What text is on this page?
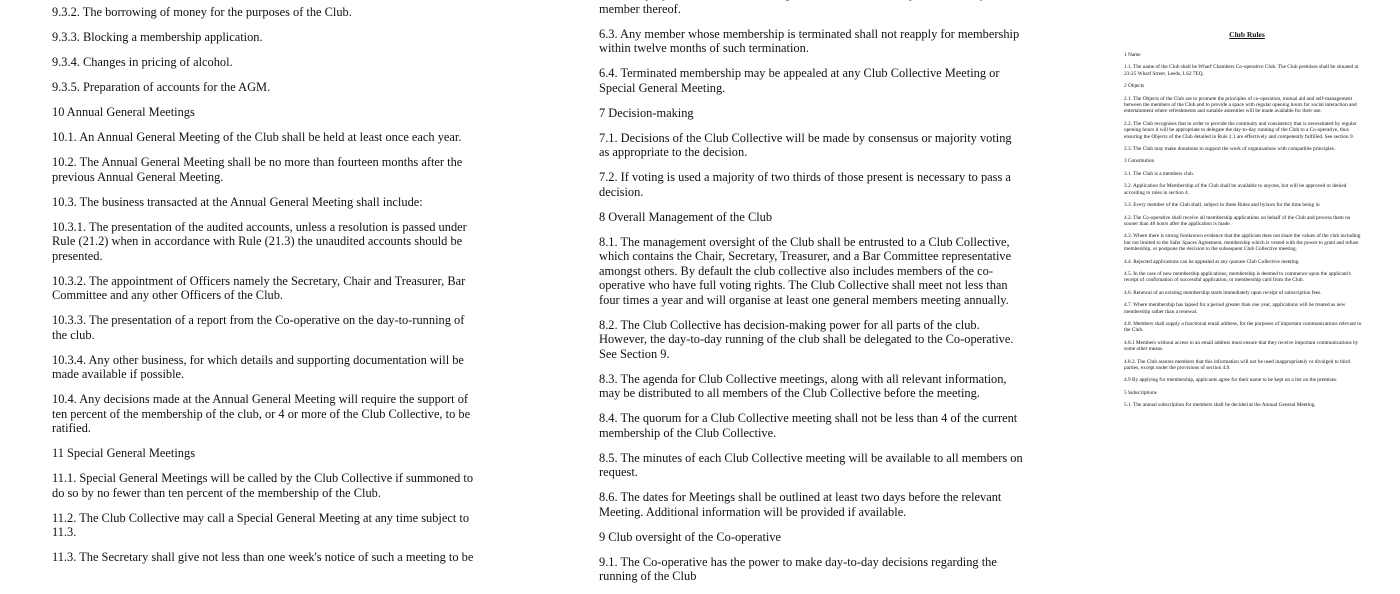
9.3.2. The borrowing of money for the purposes of the Club.

9.3.3. Blocking a membership application.

9.3.4. Changes in pricing of alcohol.

9.3.5. Preparation of accounts for the AGM.

10 Annual General Meetings

10.1. An Annual General Meeting of the Club shall be held at least once each year.

10.2. The Annual General Meeting shall be no more than fourteen months after the previous Annual General Meeting.

10.3. The business transacted at the Annual General Meeting shall include:

10.3.1. The presentation of the audited accounts, unless a resolution is passed under Rule (21.2) when in accordance with Rule (21.3) the unaudited accounts should be presented.

10.3.2. The appointment of Officers namely the Secretary, Chair and Treasurer, Bar Committee and any other Officers of the Club.

10.3.3. The presentation of a report from the Co-operative on the day-to-running of the club.

10.3.4. Any other business, for which details and supporting documentation will be made available if possible.

10.4. Any decisions made at the Annual General Meeting will require the support of ten percent of the membership of the club, or 4 or more of the Club Collective, to be ratified.

11 Special General Meetings

11.1. Special General Meetings will be called by the Club Collective if summoned to do so by no fewer than ten percent of the membership of the Club.

11.2. The Club Collective may call a Special General Meeting at any time subject to 11.3.

11.3. The Secretary shall give not less than one week's notice of such a meeting to be

member thereof.

6.3. Any member whose membership is terminated shall not reapply for membership within twelve months of such termination.

6.4. Terminated membership may be appealed at any Club Collective Meeting or Special General Meeting.

7 Decision-making

7.1. Decisions of the Club Collective will be made by consensus or majority voting as appropriate to the decision.

7.2. If voting is used a majority of two thirds of those present is necessary to pass a decision.

8 Overall Management of the Club

8.1. The management oversight of the Club shall be entrusted to a Club Collective, which contains the Chair, Secretary, Treasurer, and a Bar Committee representative amongst others. By default the club collective also includes members of the co-operative who have full voting rights. The Club Collective shall meet not less than four times a year and will organise at least one general members meeting annually.

8.2. The Club Collective has decision-making power for all parts of the club. However, the day-to-day running of the club shall be delegated to the Co-operative. See Section 9.

8.3. The agenda for Club Collective meetings, along with all relevant information, may be distributed to all members of the Club Collective before the meeting.

8.4. The quorum for a Club Collective meeting shall not be less than 4 of the current membership of the Club Collective.

8.5. The minutes of each Club Collective meeting will be available to all members on request.

8.6. The dates for Meetings shall be outlined at least two days before the relevant Meeting. Additional information will be provided if available.

9 Club oversight of the Co-operative

9.1. The Co-operative has the power to make day-to-day decisions regarding the running of the Club

Club Rules

1 Name

1.1. The name of the Club shall be Wharf Chambers Co-operative Club. The Club premises shall be situated at 23-25 Wharf Street, Leeds, LS2 7EQ.

2 Objects

2.1. The Objects of the Club are to promote the principles of co-operation, mutual aid and self-management between the members of the Club and to provide a space with regular opening hours for social interaction and entertainment where refreshments and suitable amenities will be made available for their use.

2.2. The Club recognises that in order to provide the continuity and consistency that is necessitated by regular opening hours it will be appropriate to delegate the day-to-day running of the Club to a Co-operative, thus ensuring the Objects of the Club detailed in Rule 2.1 are effectively and competently fulfilled. See section 9.

2.3. The Club may make donations to support the work of organisations with compatible principles.

3 Constitution

3.1. The Club is a members club.

3.2. Application for Membership of the Club shall be available to anyone, but will be approved or denied according to rules in section 4.

3.3. Every member of the Club shall, subject to these Rules and bylaws for the time being in

4.2. The Co-operative shall receive all membership applications on behalf of the Club and process them no sooner than 48 hours after the application is made.

4.3. Where there is strong foreknown evidence that the applicant does not share the values of the club including but not limited to the Safer Spaces Agreement, membership which is vested with the power to grant and refuse membership, or postpone the decision to the subsequent Club Collective meeting.

4.4. Rejected applications can be appealed at any quorate Club Collective meeting.

4.5. In the case of new membership applications; membership is deemed to commence upon the applicant's receipt of confirmation of successful application, or membership card from the Club.

4.6. Renewal of an existing membership starts immediately upon receipt of subscription fees.

4.7. Where membership has lapsed for a period greater than one year, applications will be treated as new membership rather than a renewal.

4.8. Members shall supply a functional email address, for the purposes of important communications relevant to the Club.

4.8.1 Members without access to an email address must ensure that they receive important communications by some other means.

4.8.2. The Club assures members that this information will not be used inappropriately or divulged to third parties, except under the provisions of section 4.9.

4.9 By applying for membership, applicants agree for their name to be kept on a list on the premises.

5 Subscriptions

5.1. The annual subscription for members shall be decided at the Annual General Meeting.
